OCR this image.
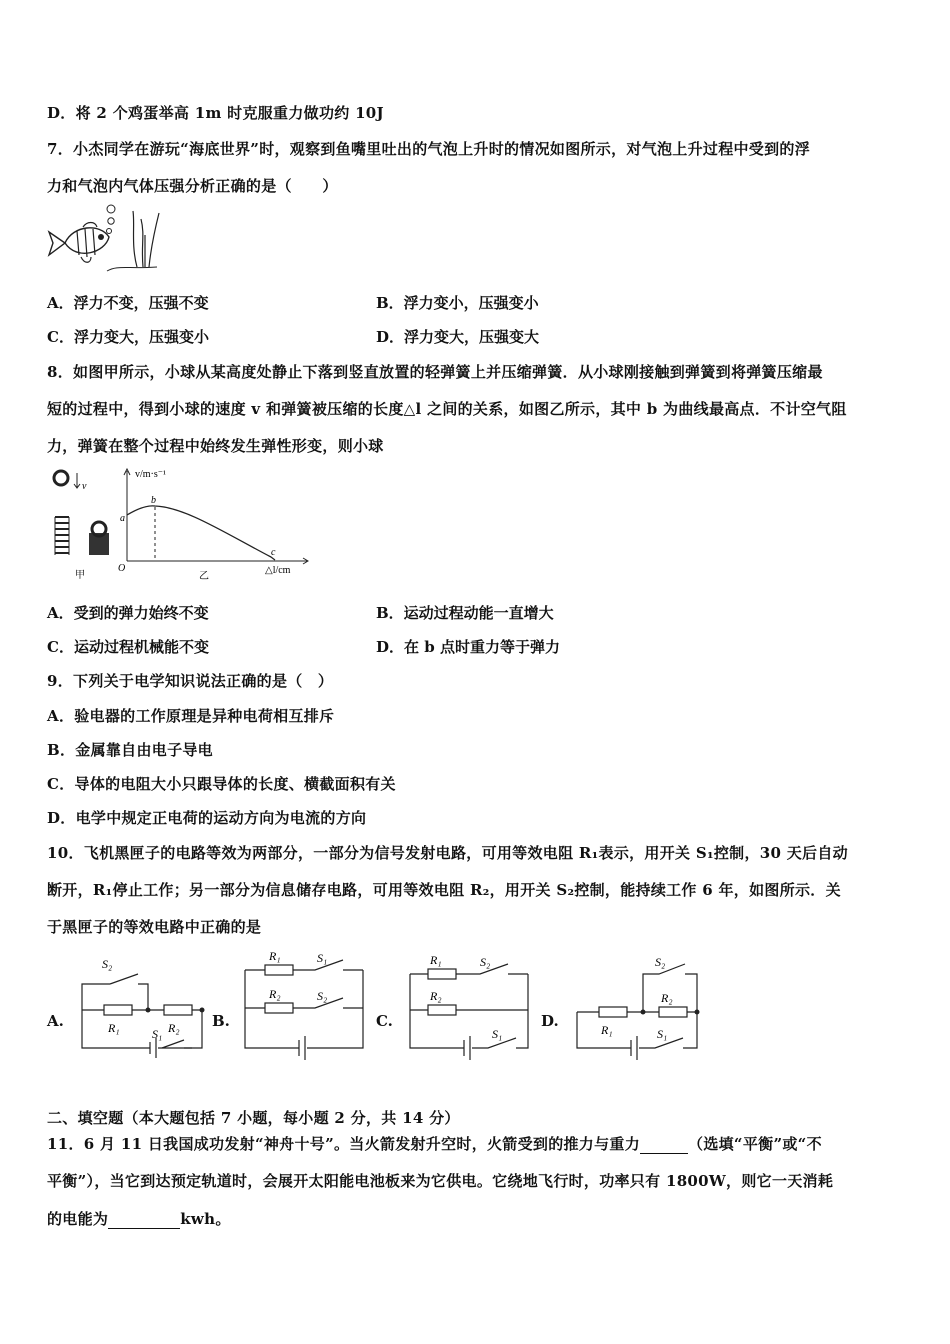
D．将 2 个鸡蛋举高 1m 时克服重力做功约 10J
7．小杰同学在游玩“海底世界”时，观察到鱼嘴里吐出的气泡上升时的情况如图所示，对气泡上升过程中受到的浮
力和气泡内气体压强分析正确的是（　　）
A．浮力不变，压强不变	B．浮力变小，压强变小
C．浮力变大，压强变小	D．浮力变大，压强变大
8．如图甲所示，小球从某高度处静止下落到竖直放置的轻弹簧上并压缩弹簧．从小球刚接触到弹簧到将弹簧压缩最
短的过程中，得到小球的速度 v 和弹簧被压缩的长度△l 之间的关系，如图乙所示，其中 b 为曲线最高点．不计空气阻
力，弹簧在整个过程中始终发生弹性形变，则小球
v
甲
v/m·s⁻¹
△l/cm
a
b
c
O
乙
A．受到的弹力始终不变	B．运动过程动能一直增大
C．运动过程机械能不变	D．在 b 点时重力等于弹力
9．下列关于电学知识说法正确的是（　）
A．验电器的工作原理是异种电荷相互排斥
B．金属靠自由电子导电
C．导体的电阻大小只跟导体的长度、横截面积有关
D．电学中规定正电荷的运动方向为电流的方向
10．飞机黑匣子的电路等效为两部分，一部分为信号发射电路，可用等效电阻 R₁表示，用开关 S₁控制，30 天后自动
断开，R₁停止工作；另一部分为信息储存电路，可用等效电阻 R₂，用开关 S₂控制，能持续工作 6 年，如图所示．关
于黑匣子的等效电路中正确的是
A.
S₂
R₁	R₂
S₁
B.
R₁	S₁
R₂	S₂
C.
R₁	S₂
R₂
S₁
D.
S₂
R₂
R₁	S₁
二、填空题（本大题包括 7 小题，每小题 2 分，共 14 分）
11．6 月 11 日我国成功发射“神舟十号”。当火箭发射升空时，火箭受到的推力与重力	（选填“平衡”或“不
平衡”），当它到达预定轨道时，会展开太阳能电池板来为它供电。它绕地飞行时，功率只有 1800W，则它一天消耗
的电能为	kwh。
